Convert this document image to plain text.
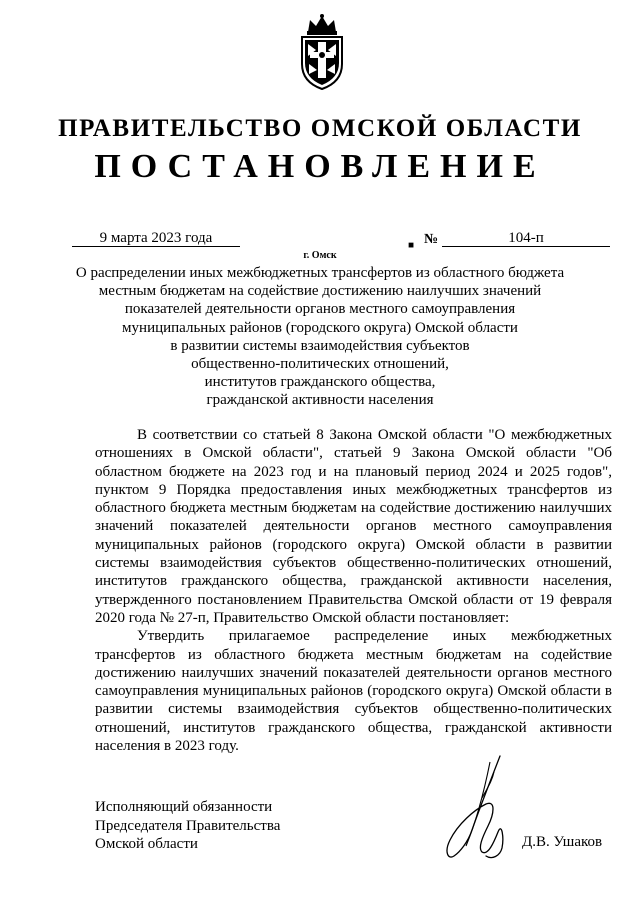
ПРАВИТЕЛЬСТВО ОМСКОЙ ОБЛАСТИ
ПОСТАНОВЛЕНИЕ
9 марта 2023 года	■ №	104-п
г. Омск
О распределении иных межбюджетных трансфертов из областного бюджета
местным бюджетам на содействие достижению наилучших значений
показателей деятельности органов местного самоуправления
муниципальных районов (городского округа) Омской области
в развитии системы взаимодействия субъектов
общественно-политических отношений,
институтов гражданского общества,
гражданской активности населения

В соответствии со статьей 8 Закона Омской области "О межбюджетных отношениях в Омской области", статьей 9 Закона Омской области "Об областном бюджете на 2023 год и на плановый период 2024 и 2025 годов", пунктом 9 Порядка предоставления иных межбюджетных трансфертов из областного бюджета местным бюджетам на содействие достижению наилучших значений показателей деятельности органов местного самоуправления муниципальных районов (городского округа) Омской области в развитии системы взаимодействия субъектов общественно-политических отношений, институтов гражданского общества, гражданской активности населения, утвержденного постановлением Правительства Омской области от 19 февраля 2020 года № 27-п, Правительство Омской области постановляет:

Утвердить прилагаемое распределение иных межбюджетных трансфертов из областного бюджета местным бюджетам на содействие достижению наилучших значений показателей деятельности органов местного самоуправления муниципальных районов (городского округа) Омской области в развитии системы взаимодействия субъектов общественно-политических отношений, институтов гражданского общества, гражданской активности населения в 2023 году.

Исполняющий обязанности
Председателя Правительства
Омской области	Д.В. Ушаков
